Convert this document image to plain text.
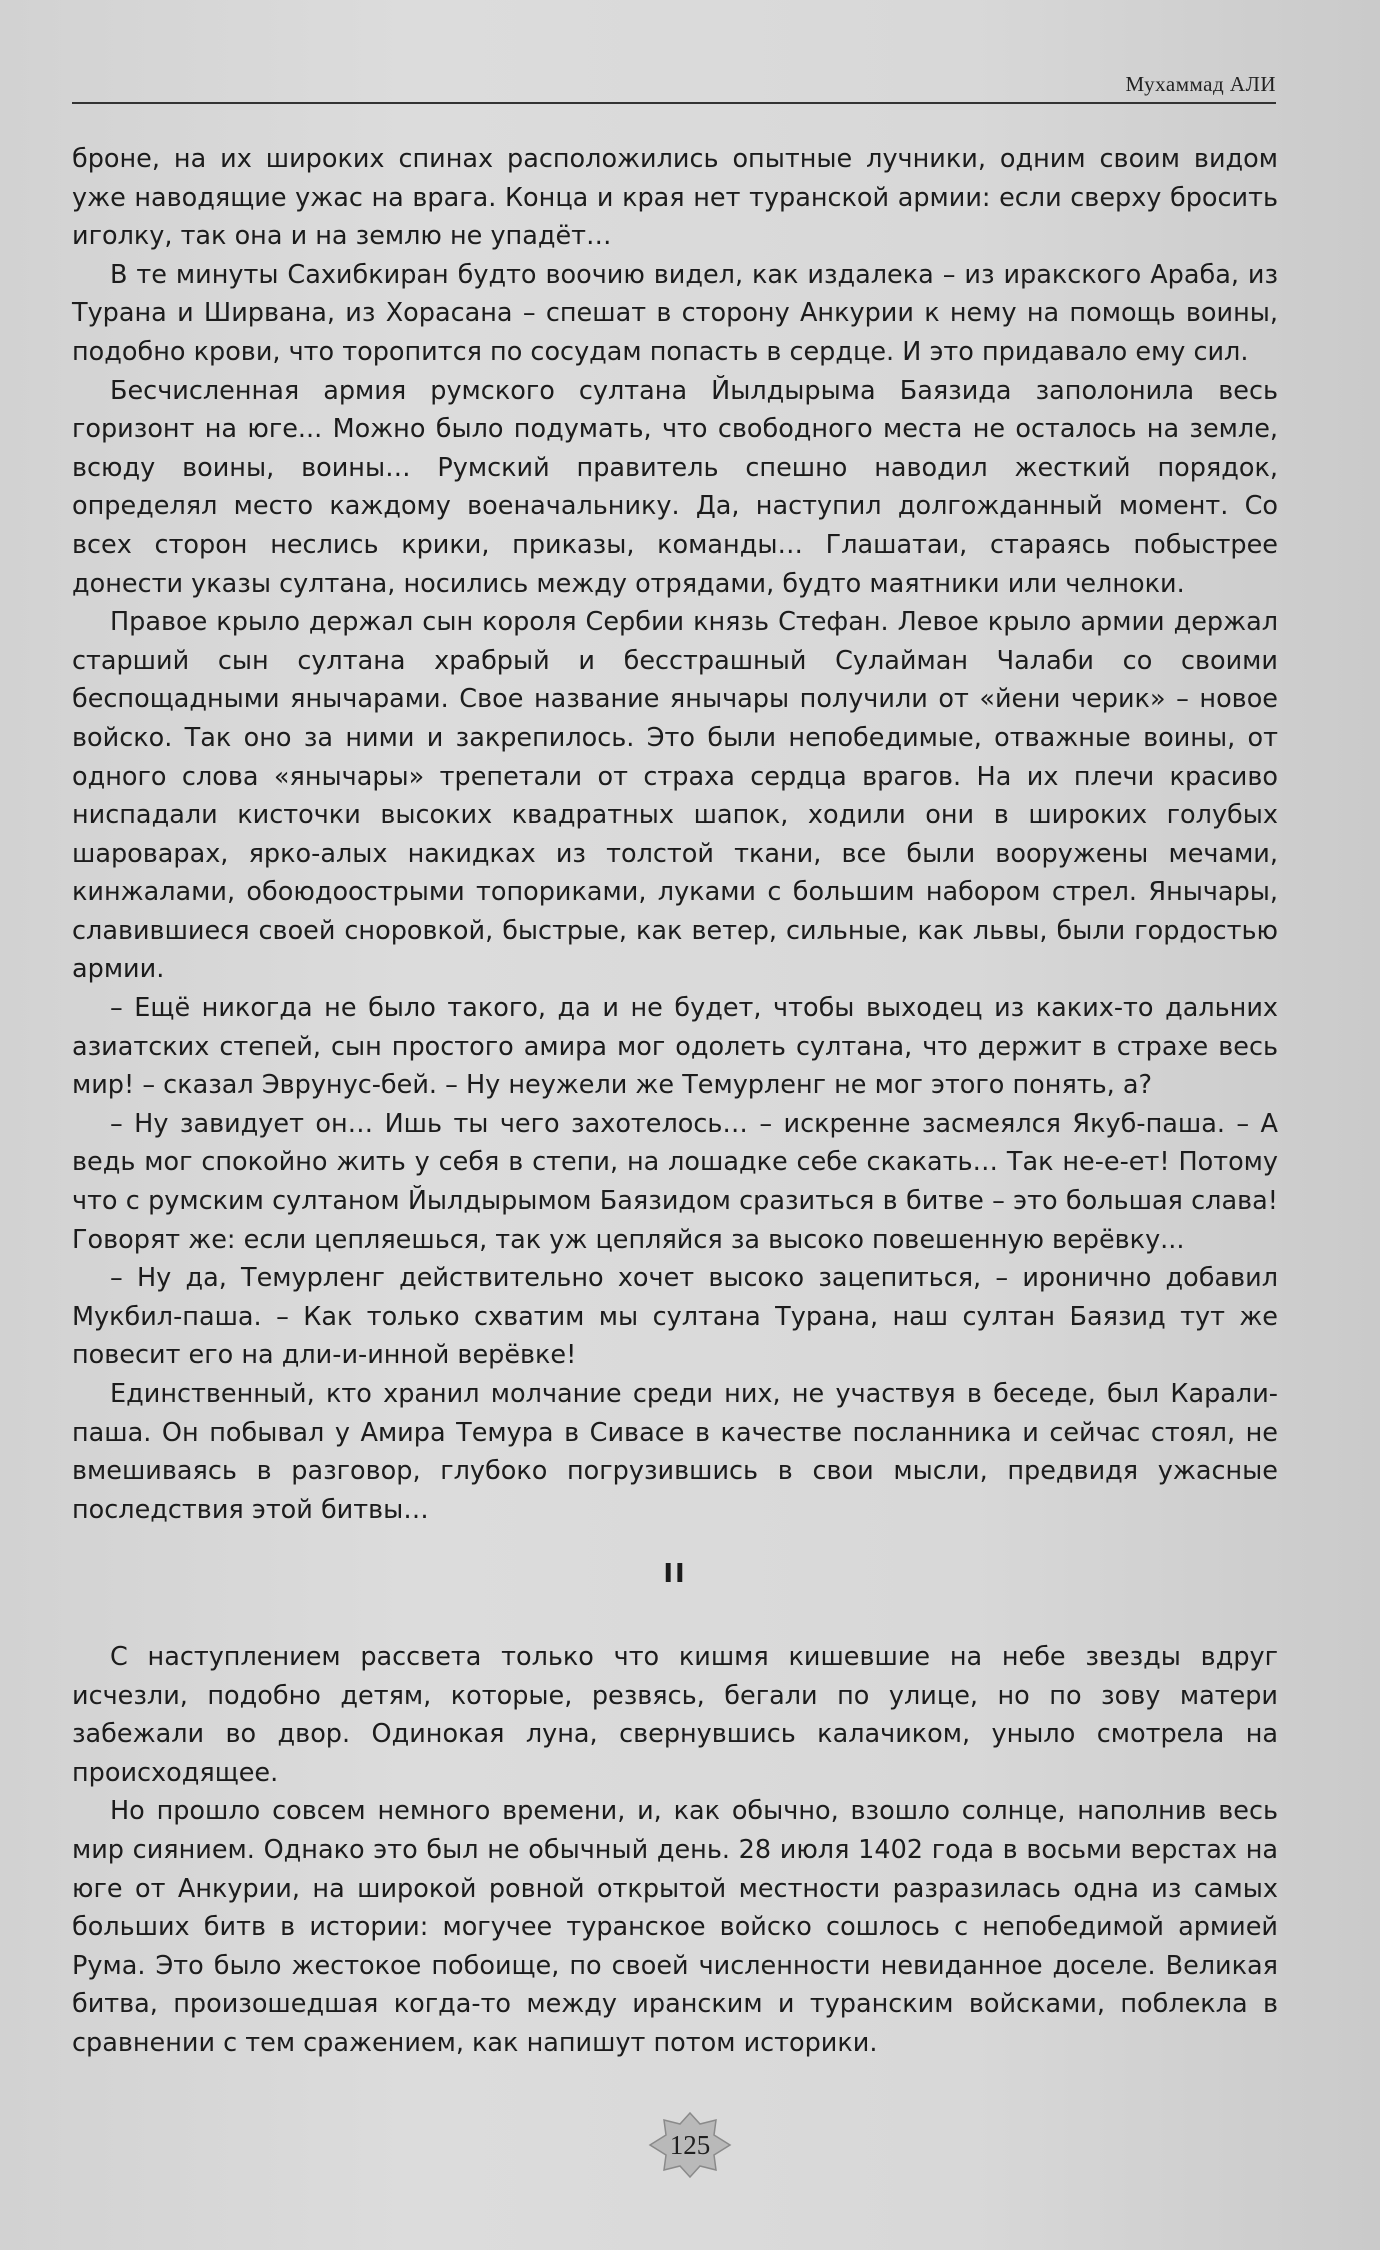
Мухаммад АЛИ

броне, на их широких спинах расположились опытные лучники, одним своим видом уже наводящие ужас на врага. Конца и края нет туранской армии: если сверху бросить иголку, так она и на землю не упадёт…

В те минуты Сахибкиран будто воочию видел, как издалека – из иракского Араба, из Турана и Ширвана, из Хорасана – спешат в сторону Анкурии к нему на помощь воины, подобно крови, что торопится по сосудам попасть в сердце. И это придавало ему сил.

Бесчисленная армия румского султана Йылдырыма Баязида заполонила весь горизонт на юге... Можно было подумать, что свободного места не осталось на земле, всюду воины, воины… Румский правитель спешно наводил жесткий порядок, определял место каждому военачальнику. Да, наступил долгожданный момент. Со всех сторон неслись крики, приказы, команды… Глашатаи, стараясь побыстрее донести указы султана, носились между отрядами, будто маятники или челноки.

Правое крыло держал сын короля Сербии князь Стефан. Левое крыло армии держал старший сын султана храбрый и бесстрашный Сулайман Чалаби со своими беспощадными янычарами. Свое название янычары получили от «йени черик» – новое войско. Так оно за ними и закрепилось. Это были непобедимые, отважные воины, от одного слова «янычары» трепетали от страха сердца врагов. На их плечи красиво ниспадали кисточки высоких квадратных шапок, ходили они в широких голубых шароварах, ярко-алых накидках из толстой ткани, все были вооружены мечами, кинжалами, обоюдоострыми топориками, луками с большим набором стрел. Янычары, славившиеся своей сноровкой, быстрые, как ветер, сильные, как львы, были гордостью армии.

– Ещё никогда не было такого, да и не будет, чтобы выходец из каких-то дальних азиатских степей, сын простого амира мог одолеть султана, что держит в страхе весь мир! – сказал Эврунус-бей. – Ну неужели же Темурленг не мог этого понять, а?

– Ну завидует он… Ишь ты чего захотелось… – искренне засмеялся Якуб-паша. – А ведь мог спокойно жить у себя в степи, на лошадке себе скакать… Так не-е-ет! Потому что с румским султаном Йылдырымом Баязидом сразиться в битве – это большая слава! Говорят же: если цепляешься, так уж цепляйся за высоко повешенную верёвку...

– Ну да, Темурленг действительно хочет высоко зацепиться, – иронично добавил Мукбил-паша. – Как только схватим мы султана Турана, наш султан Баязид тут же повесит его на дли-и-инной верёвке!

Единственный, кто хранил молчание среди них, не участвуя в беседе, был Карали-паша. Он побывал у Амира Темура в Сивасе в качестве посланника и сейчас стоял, не вмешиваясь в разговор, глубоко погрузившись в свои мысли, предвидя ужасные последствия этой битвы…

II

С наступлением рассвета только что кишмя кишевшие на небе звезды вдруг исчезли, подобно детям, которые, резвясь, бегали по улице, но по зову матери забежали во двор. Одинокая луна, свернувшись калачиком, уныло смотрела на происходящее.

Но прошло совсем немного времени, и, как обычно, взошло солнце, наполнив весь мир сиянием. Однако это был не обычный день. 28 июля 1402 года в восьми верстах на юге от Анкурии, на широкой ровной открытой местности разразилась одна из самых больших битв в истории: могучее туранское войско сошлось с непобедимой армией Рума. Это было жестокое побоище, по своей численности невиданное доселе. Великая битва, произошедшая когда-то между иранским и туранским войсками, поблекла в сравнении с тем сражением, как напишут потом историки.

125
